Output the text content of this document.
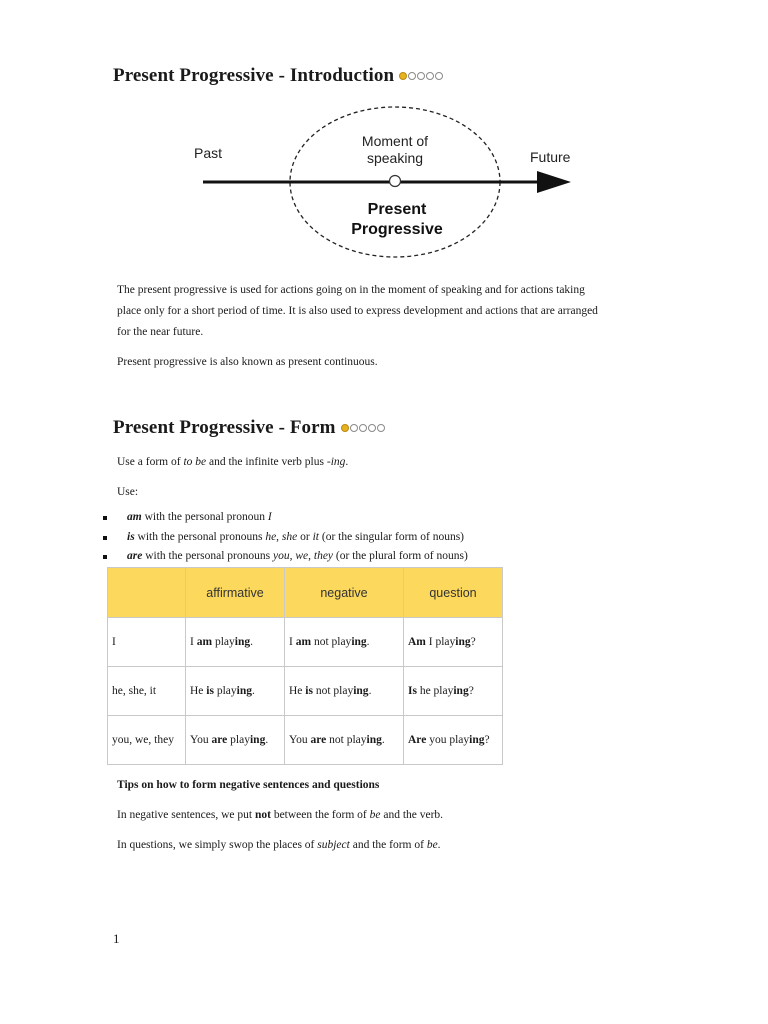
Present Progressive - Introduction
Past	Future
Moment of
speaking
Present
Progressive

The present progressive is used for actions going on in the moment of speaking and for actions taking

place only for a short period of time. It is also used to express development and actions that are arranged

for the near future.

Present progressive is also known as present continuous.

Present Progressive - Form

Use a form of to be and the infinite verb plus -ing.

Use:

am with the personal pronoun I
is with the personal pronouns he, she or it (or the singular form of nouns)
are with the personal pronouns you, we, they (or the plural form of nouns)
	affirmative	negative	question
I	I am playing.	I am not playing.	Am I playing?
he, she, it	He is playing.	He is not playing.	Is he playing?
you, we, they	You are playing.	You are not playing.	Are you playing?

Tips on how to form negative sentences and questions

In negative sentences, we put not between the form of be and the verb.

In questions, we simply swop the places of subject and the form of be.

1
